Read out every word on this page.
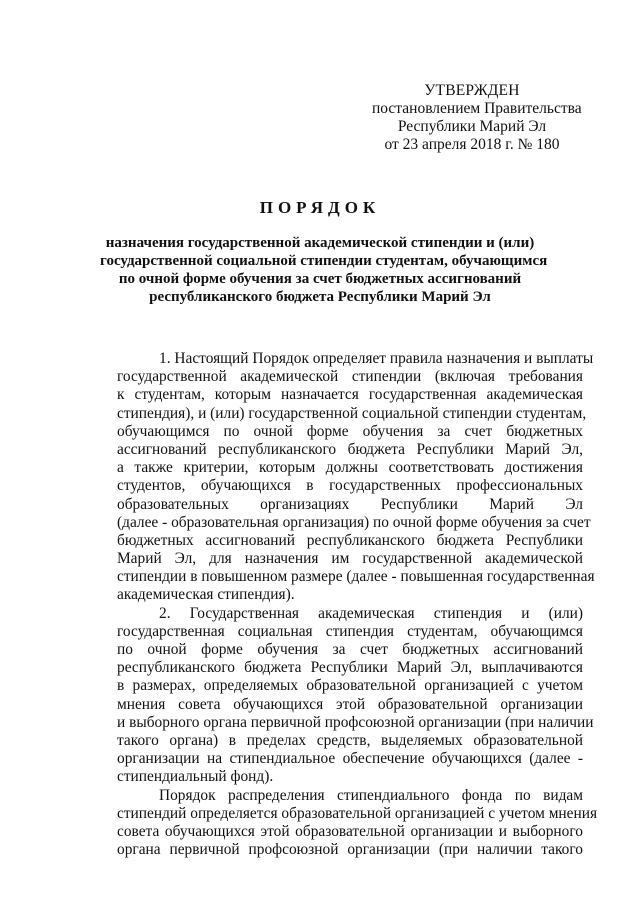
УТВЕРЖДЕН
постановлением Правительства
Республики Марий Эл
от 23 апреля 2018 г. № 180
ПОРЯДОК
назначения государственной академической стипендии и (или)
государственной социальной стипендии студентам, обучающимся
по очной форме обучения за счет бюджетных ассигнований
республиканского бюджета Республики Марий Эл
1. Настоящий Порядок определяет правила назначения и выплаты
государственной академической стипендии (включая требования
к студентам, которым назначается государственная академическая
стипендия), и (или) государственной социальной стипендии студентам,
обучающимся по очной форме обучения за счет бюджетных
ассигнований республиканского бюджета Республики Марий Эл,
а также критерии, которым должны соответствовать достижения
студентов, обучающихся в государственных профессиональных
образовательных организациях Республики Марий Эл
(далее - образовательная организация) по очной форме обучения за счет
бюджетных ассигнований республиканского бюджета Республики
Марий Эл, для назначения им государственной академической
стипендии в повышенном размере (далее - повышенная государственная
академическая стипендия).
2. Государственная академическая стипендия и (или)
государственная социальная стипендия студентам, обучающимся
по очной форме обучения за счет бюджетных ассигнований
республиканского бюджета Республики Марий Эл, выплачиваются
в размерах, определяемых образовательной организацией с учетом
мнения совета обучающихся этой образовательной организации
и выборного органа первичной профсоюзной организации (при наличии
такого органа) в пределах средств, выделяемых образовательной
организации на стипендиальное обеспечение обучающихся (далее -
стипендиальный фонд).
Порядок распределения стипендиального фонда по видам
стипендий определяется образовательной организацией с учетом мнения
совета обучающихся этой образовательной организации и выборного
органа первичной профсоюзной организации (при наличии такого
